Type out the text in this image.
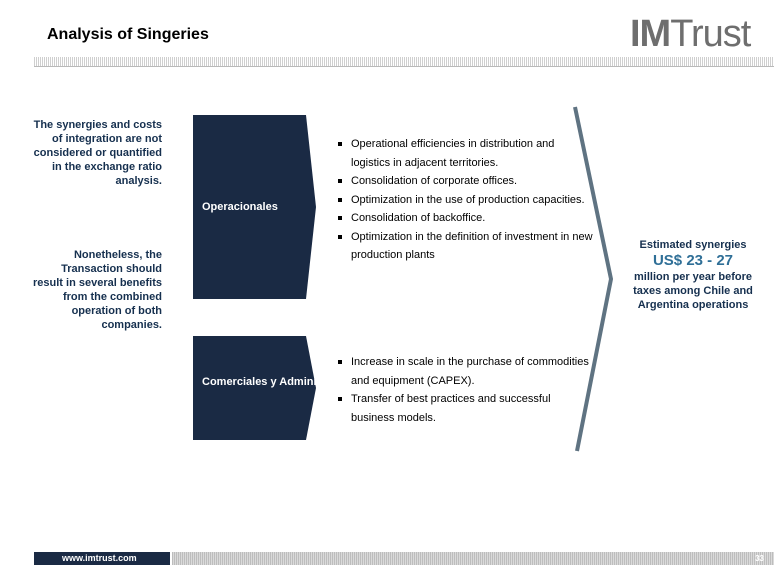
Analysis of Singeries	IMTrust
The synergies and costs of integration are not considered or quantified in the exchange ratio analysis.
Nonetheless, the Transaction should result in several benefits from the combined operation of both companies.
Operacionales
Operational efficiencies in distribution and logistics in adjacent territories.
Consolidation of corporate offices.
Optimization in the use of production capacities.
Consolidation of backoffice.
Optimization in the definition of investment in new production plants
Comerciales y Administrativas
Increase in scale in the purchase of commodities and equipment (CAPEX).
Transfer of best practices and successful business models.
Estimated synergies
US$ 23 - 27
million per year before taxes among Chile and Argentina operations
www.imtrust.com	33
